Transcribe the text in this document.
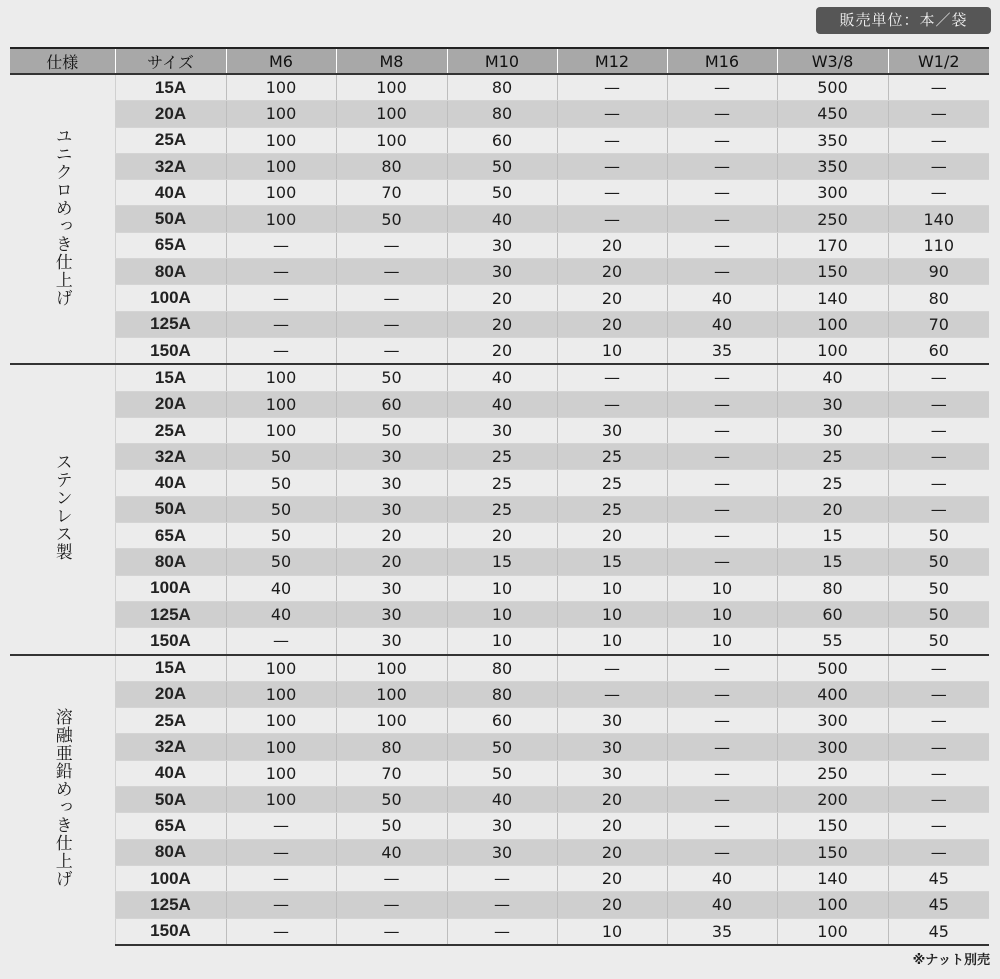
販売単位：本／袋
仕様	サイズ	M6	M8	M10	M12	M16	W3/8	W1/2
ユニクロめっき仕上げ	15A	100	100	80	—	—	500	—
	20A	100	100	80	—	—	450	—
	25A	100	100	60	—	—	350	—
	32A	100	80	50	—	—	350	—
	40A	100	70	50	—	—	300	—
	50A	100	50	40	—	—	250	140
	65A	—	—	30	20	—	170	110
	80A	—	—	30	20	—	150	90
	100A	—	—	20	20	40	140	80
	125A	—	—	20	20	40	100	70
	150A	—	—	20	10	35	100	60
ステンレス製	15A	100	50	40	—	—	40	—
	20A	100	60	40	—	—	30	—
	25A	100	50	30	30	—	30	—
	32A	50	30	25	25	—	25	—
	40A	50	30	25	25	—	25	—
	50A	50	30	25	25	—	20	—
	65A	50	20	20	20	—	15	50
	80A	50	20	15	15	—	15	50
	100A	40	30	10	10	10	80	50
	125A	40	30	10	10	10	60	50
	150A	—	30	10	10	10	55	50
溶融亜鉛めっき仕上げ	15A	100	100	80	—	—	500	—
	20A	100	100	80	—	—	400	—
	25A	100	100	60	30	—	300	—
	32A	100	80	50	30	—	300	—
	40A	100	70	50	30	—	250	—
	50A	100	50	40	20	—	200	—
	65A	—	50	30	20	—	150	—
	80A	—	40	30	20	—	150	—
	100A	—	—	—	20	40	140	45
	125A	—	—	—	20	40	100	45
	150A	—	—	—	10	35	100	45
※ナット別売
